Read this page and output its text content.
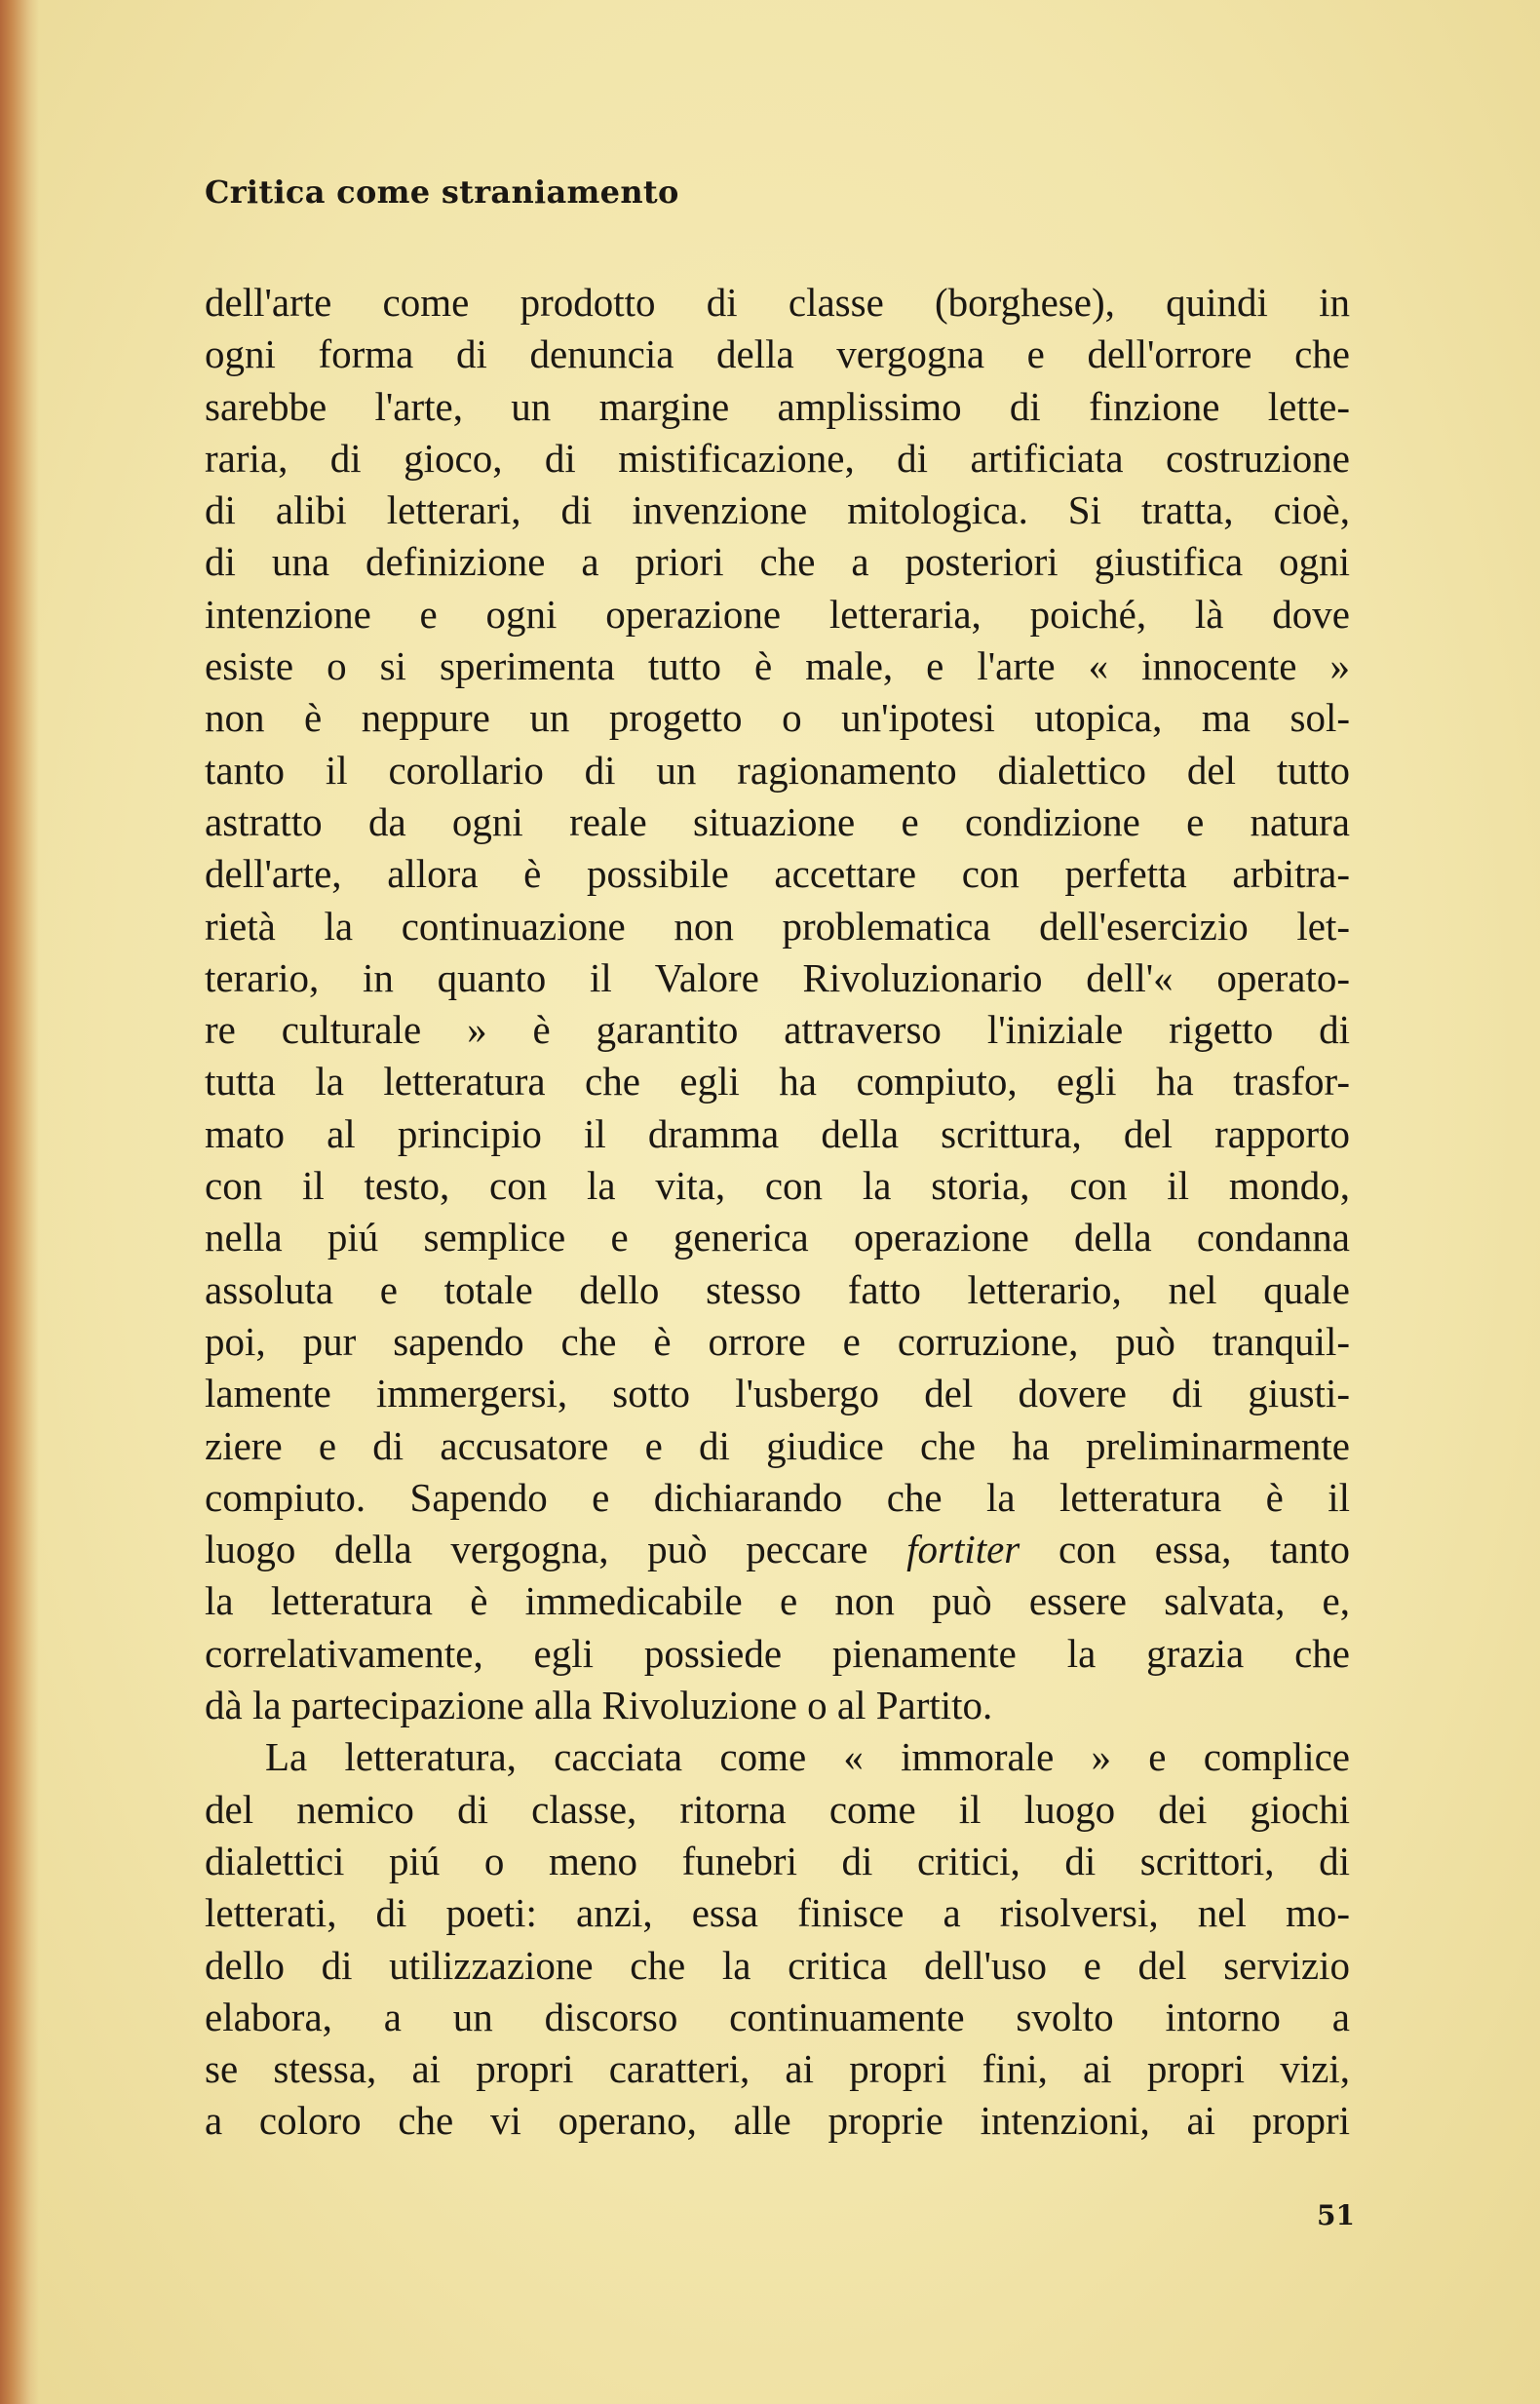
Critica come straniamento
dell'arte come prodotto di classe (borghese), quindi in
ogni forma di denuncia della vergogna e dell'orrore che
sarebbe l'arte, un margine amplissimo di finzione lette-
raria, di gioco, di mistificazione, di artificiata costruzione
di alibi letterari, di invenzione mitologica. Si tratta, cioè,
di una definizione a priori che a posteriori giustifica ogni
intenzione e ogni operazione letteraria, poiché, là dove
esiste o si sperimenta tutto è male, e l'arte « innocente »
non è neppure un progetto o un'ipotesi utopica, ma sol-
tanto il corollario di un ragionamento dialettico del tutto
astratto da ogni reale situazione e condizione e natura
dell'arte, allora è possibile accettare con perfetta arbitra-
rietà la continuazione non problematica dell'esercizio let-
terario, in quanto il Valore Rivoluzionario dell'« operato-
re culturale » è garantito attraverso l'iniziale rigetto di
tutta la letteratura che egli ha compiuto, egli ha trasfor-
mato al principio il dramma della scrittura, del rapporto
con il testo, con la vita, con la storia, con il mondo,
nella piú semplice e generica operazione della condanna
assoluta e totale dello stesso fatto letterario, nel quale
poi, pur sapendo che è orrore e corruzione, può tranquil-
lamente immergersi, sotto l'usbergo del dovere di giusti-
ziere e di accusatore e di giudice che ha preliminarmente
compiuto. Sapendo e dichiarando che la letteratura è il
luogo della vergogna, può peccare fortiter con essa, tanto
la letteratura è immedicabile e non può essere salvata, e,
correlativamente, egli possiede pienamente la grazia che
dà la partecipazione alla Rivoluzione o al Partito.
La letteratura, cacciata come « immorale » e complice
del nemico di classe, ritorna come il luogo dei giochi
dialettici piú o meno funebri di critici, di scrittori, di
letterati, di poeti: anzi, essa finisce a risolversi, nel mo-
dello di utilizzazione che la critica dell'uso e del servizio
elabora, a un discorso continuamente svolto intorno a
se stessa, ai propri caratteri, ai propri fini, ai propri vizi,
a coloro che vi operano, alle proprie intenzioni, ai propri
51
